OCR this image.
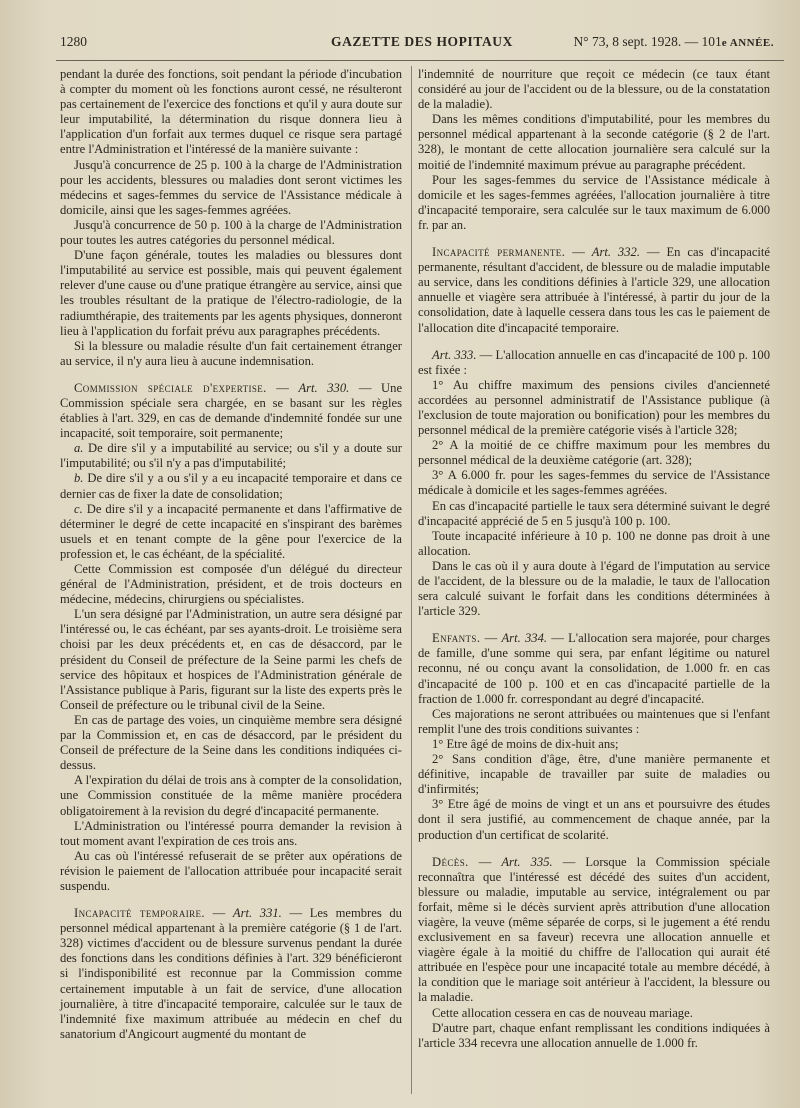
1280	GAZETTE DES HOPITAUX	N° 73, 8 sept. 1928. — 101e ANNÉE.

pendant la durée des fonctions, soit pendant la période d'incubation à compter du moment où les fonctions auront cessé, ne résulteront pas certainement de l'exercice des fonctions et qu'il y aura doute sur leur imputabilité, la détermination du risque donnera lieu à l'application d'un forfait aux termes duquel ce risque sera partagé entre l'Administration et l'intéressé de la manière suivante :

Jusqu'à concurrence de 25 p. 100 à la charge de l'Administration pour les accidents, blessures ou maladies dont seront victimes les médecins et sages-femmes du service de l'Assistance médicale à domicile, ainsi que les sages-femmes agréées.

Jusqu'à concurrence de 50 p. 100 à la charge de l'Administration pour toutes les autres catégories du personnel médical.

D'une façon générale, toutes les maladies ou blessures dont l'imputabilité au service est possible, mais qui peuvent également relever d'une cause ou d'une pratique étrangère au service, ainsi que les troubles résultant de la pratique de l'électro-radiologie, de la radiumthérapie, des traitements par les agents physiques, donneront lieu à l'application du forfait prévu aux paragraphes précédents.

Si la blessure ou maladie résulte d'un fait certainement étranger au service, il n'y aura lieu à aucune indemnisation.

Commission spéciale d'expertise. — Art. 330. — Une Commission spéciale sera chargée, en se basant sur les règles établies à l'art. 329, en cas de demande d'indemnité fondée sur une incapacité, soit temporaire, soit permanente;

a. De dire s'il y a imputabilité au service; ou s'il y a doute sur l'imputabilité; ou s'il n'y a pas d'imputabilité;

b. De dire s'il y a ou s'il y a eu incapacité temporaire et dans ce dernier cas de fixer la date de consolidation;

c. De dire s'il y a incapacité permanente et dans l'affirmative de déterminer le degré de cette incapacité en s'inspirant des barèmes usuels et en tenant compte de la gêne pour l'exercice de la profession et, le cas échéant, de la spécialité.

Cette Commission est composée d'un délégué du directeur général de l'Administration, président, et de trois docteurs en médecine, médecins, chirurgiens ou spécialistes.

L'un sera désigné par l'Administration, un autre sera désigné par l'intéressé ou, le cas échéant, par ses ayants-droit. Le troisième sera choisi par les deux précédents et, en cas de désaccord, par le président du Conseil de préfecture de la Seine parmi les chefs de service des hôpitaux et hospices de l'Administration générale de l'Assistance publique à Paris, figurant sur la liste des experts près le Conseil de préfecture ou le tribunal civil de la Seine.

En cas de partage des voies, un cinquième membre sera désigné par la Commission et, en cas de désaccord, par le président du Conseil de préfecture de la Seine dans les conditions indiquées ci-dessus.

A l'expiration du délai de trois ans à compter de la consolidation, une Commission constituée de la même manière procédera obligatoirement à la revision du degré d'incapacité permanente.

L'Administration ou l'intéressé pourra demander la revision à tout moment avant l'expiration de ces trois ans.

Au cas où l'intéressé refuserait de se prêter aux opérations de révision le paiement de l'allocation attribuée pour incapacité serait suspendu.

Incapacité temporaire. — Art. 331. — Les membres du personnel médical appartenant à la première catégorie (§ 1 de l'art. 328) victimes d'accident ou de blessure survenus pendant la durée des fonctions dans les conditions définies à l'art. 329 bénéficieront si l'indisponibilité est reconnue par la Commission comme certainement imputable à un fait de service, d'une allocation journalière, à titre d'incapacité temporaire, calculée sur le taux de l'indemnité fixe maximum attribuée au médecin en chef du sanatorium d'Angicourt augmenté du montant de

l'indemnité de nourriture que reçoit ce médecin (ce taux étant considéré au jour de l'accident ou de la blessure, ou de la constatation de la maladie).

Dans les mêmes conditions d'imputabilité, pour les membres du personnel médical appartenant à la seconde catégorie (§ 2 de l'art. 328), le montant de cette allocation journalière sera calculé sur la moitié de l'indemnité maximum prévue au paragraphe précédent.

Pour les sages-femmes du service de l'Assistance médicale à domicile et les sages-femmes agréées, l'allocation journalière à titre d'incapacité temporaire, sera calculée sur le taux maximum de 6.000 fr. par an.

Incapacité permanente. — Art. 332. — En cas d'incapacité permanente, résultant d'accident, de blessure ou de maladie imputable au service, dans les conditions définies à l'article 329, une allocation annuelle et viagère sera attribuée à l'intéressé, à partir du jour de la consolidation, date à laquelle cessera dans tous les cas le paiement de l'allocation dite d'incapacité temporaire.

Art. 333. — L'allocation annuelle en cas d'incapacité de 100 p. 100 est fixée :

1° Au chiffre maximum des pensions civiles d'ancienneté accordées au personnel administratif de l'Assistance publique (à l'exclusion de toute majoration ou bonification) pour les membres du personnel médical de la première catégorie visés à l'article 328;

2° A la moitié de ce chiffre maximum pour les membres du personnel médical de la deuxième catégorie (art. 328);

3° A 6.000 fr. pour les sages-femmes du service de l'Assistance médicale à domicile et les sages-femmes agréées.

En cas d'incapacité partielle le taux sera déterminé suivant le degré d'incapacité apprécié de 5 en 5 jusqu'à 100 p. 100.

Toute incapacité inférieure à 10 p. 100 ne donne pas droit à une allocation.

Dans le cas où il y aura doute à l'égard de l'imputation au service de l'accident, de la blessure ou de la maladie, le taux de l'allocation sera calculé suivant le forfait dans les conditions déterminées à l'article 329.

Enfants. — Art. 334. — L'allocation sera majorée, pour charges de famille, d'une somme qui sera, par enfant légitime ou naturel reconnu, né ou conçu avant la consolidation, de 1.000 fr. en cas d'incapacité de 100 p. 100 et en cas d'incapacité partielle de la fraction de 1.000 fr. correspondant au degré d'incapacité.

Ces majorations ne seront attribuées ou maintenues que si l'enfant remplit l'une des trois conditions suivantes :

1° Etre âgé de moins de dix-huit ans;

2° Sans condition d'âge, être, d'une manière permanente et définitive, incapable de travailler par suite de maladies ou d'infirmités;

3° Etre âgé de moins de vingt et un ans et poursuivre des études dont il sera justifié, au commencement de chaque année, par la production d'un certificat de scolarité.

Décès. — Art. 335. — Lorsque la Commission spéciale reconnaîtra que l'intéressé est décédé des suites d'un accident, blessure ou maladie, imputable au service, intégralement ou par forfait, même si le décès survient après attribution d'une allocation viagère, la veuve (même séparée de corps, si le jugement a été rendu exclusivement en sa faveur) recevra une allocation annuelle et viagère égale à la moitié du chiffre de l'allocation qui aurait été attribuée en l'espèce pour une incapacité totale au membre décédé, à la condition que le mariage soit antérieur à l'accident, la blessure ou la maladie.

Cette allocation cessera en cas de nouveau mariage.

D'autre part, chaque enfant remplissant les conditions indiquées à l'article 334 recevra une allocation annuelle de 1.000 fr.
